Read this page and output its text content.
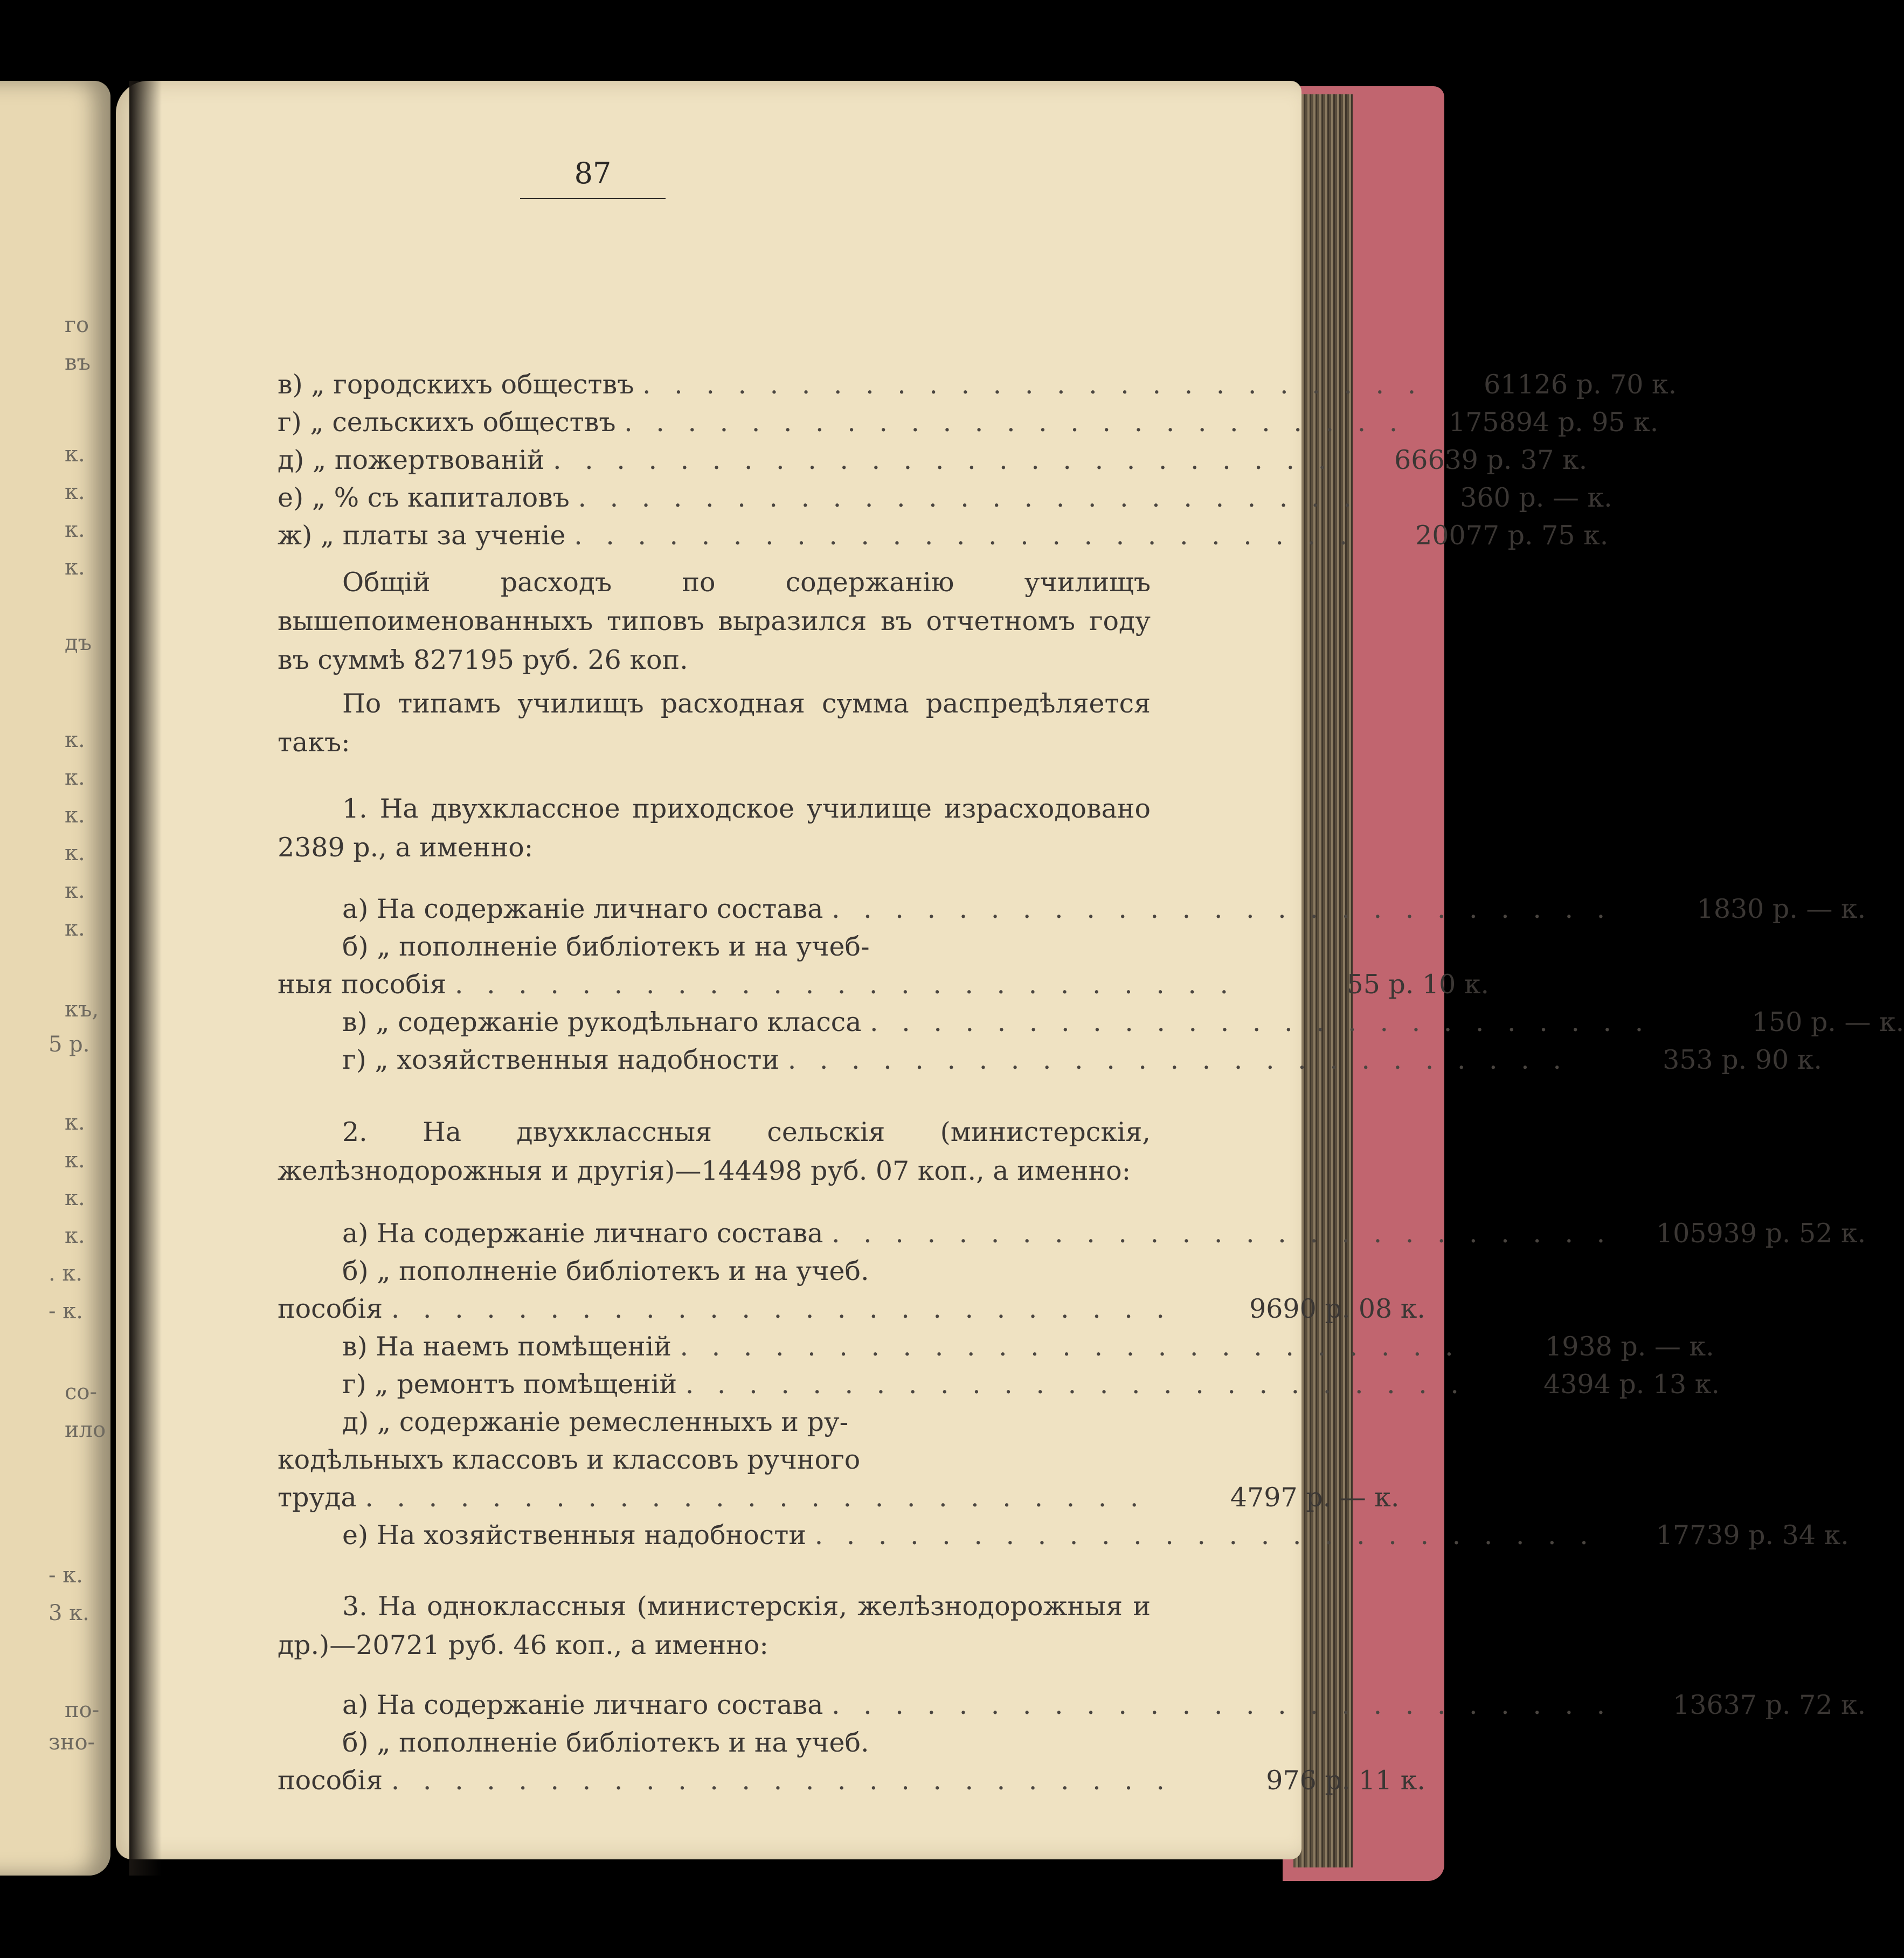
го
въ
к.
к.
к.
к.
дъ
к.
к.
к.
к.
к.
к.
къ,
5 р.
к.
к.
к.
к.
. к.
- к.
со-
ило
- к.
3 к.
по-
зно-
87
в) „ городскихъ обществъ . . . . . . . . . . . . . . . . . . . . . . . . .	61126 р. 70 к.
г) „ сельскихъ обществъ . . . . . . . . . . . . . . . . . . . . . . . . .	175894 р. 95 к.
д) „ пожертвованій . . . . . . . . . . . . . . . . . . . . . . . . .	66639 р. 37 к.
е) „ % съ капиталовъ . . . . . . . . . . . . . . . . . . . . . . . . .	360 р. — к.
ж) „ платы за ученіе . . . . . . . . . . . . . . . . . . . . . . . . .	20077 р. 75 к.
Общій расходъ по содержанію училищъ вышепоименованныхъ типовъ выразился въ отчетномъ году въ суммѣ 827195 руб. 26 коп.
По типамъ училищъ расходная сумма распредѣляется такъ:
1. На двухклассное приходское училище израсходовано 2389 р., а именно:
а) На содержаніе личнаго состава . . . . . . . . . . . . . . . . . . . . . . . . .	1830 р. — к.
б) „ пополненіе библіотекъ и на учеб-
ныя пособія . . . . . . . . . . . . . . . . . . . . . . . . .	55 р. 10 к.
в) „ содержаніе рукодѣльнаго класса . . . . . . . . . . . . . . . . . . . . . . . . .	150 р. — к.
г) „ хозяйственныя надобности . . . . . . . . . . . . . . . . . . . . . . . . .	353 р. 90 к.
2. На двухклассныя сельскія (министерскія, желѣзнодорожныя и другія)—144498 руб. 07 коп., а именно:
а) На содержаніе личнаго состава . . . . . . . . . . . . . . . . . . . . . . . . .	105939 р. 52 к.
б) „ пополненіе библіотекъ и на учеб.
пособія . . . . . . . . . . . . . . . . . . . . . . . . .	9690 р. 08 к.
в) На наемъ помѣщеній . . . . . . . . . . . . . . . . . . . . . . . . .	1938 р. — к.
г) „ ремонтъ помѣщеній . . . . . . . . . . . . . . . . . . . . . . . . .	4394 р. 13 к.
д) „ содержаніе ремесленныхъ и ру-
кодѣльныхъ классовъ и классовъ ручного
труда . . . . . . . . . . . . . . . . . . . . . . . . .	4797 р. — к.
е) На хозяйственныя надобности . . . . . . . . . . . . . . . . . . . . . . . . .	17739 р. 34 к.
3. На одноклассныя (министерскія, желѣзнодорожныя и др.)—20721 руб. 46 коп., а именно:
а) На содержаніе личнаго состава . . . . . . . . . . . . . . . . . . . . . . . . .	13637 р. 72 к.
б) „ пополненіе библіотекъ и на учеб.
пособія . . . . . . . . . . . . . . . . . . . . . . . . .	976 р. 11 к.
